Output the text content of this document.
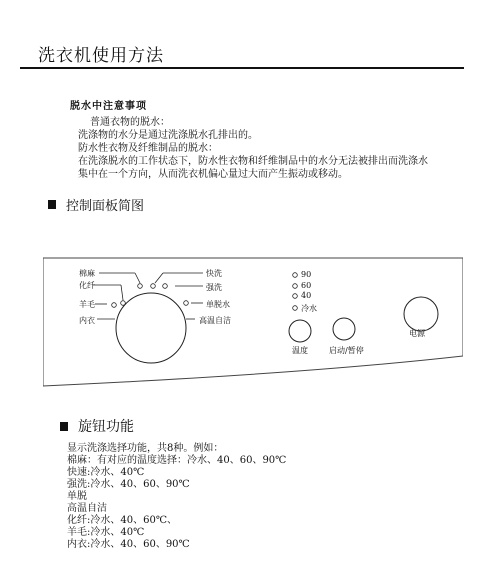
洗衣机使用方法
脱水中注意事项
普通衣物的脱水：
洗涤物的水分是通过洗涤脱水孔排出的。
防水性衣物及纤维制品的脱水：
在洗涤脱水的工作状态下，防水性衣物和纤维制品中的水分无法被排出而洗涤水
集中在一个方向，从而洗衣机偏心量过大而产生振动或移动。
控制面板简图
棉麻
化纤
羊毛
内衣
快洗
强洗
单脱水
高温自洁
90
60
40
冷水
温度	启动/暂停
电源
旋钮功能
显示洗涤选择功能，共8种。例如：
棉麻：有对应的温度选择：冷水、40、60、90℃
快速:冷水、40℃
强洗:冷水、40、60、90℃
单脱
高温自洁
化纤:冷水、40、60℃、
羊毛:冷水、40℃
内衣:冷水、40、60、90℃
